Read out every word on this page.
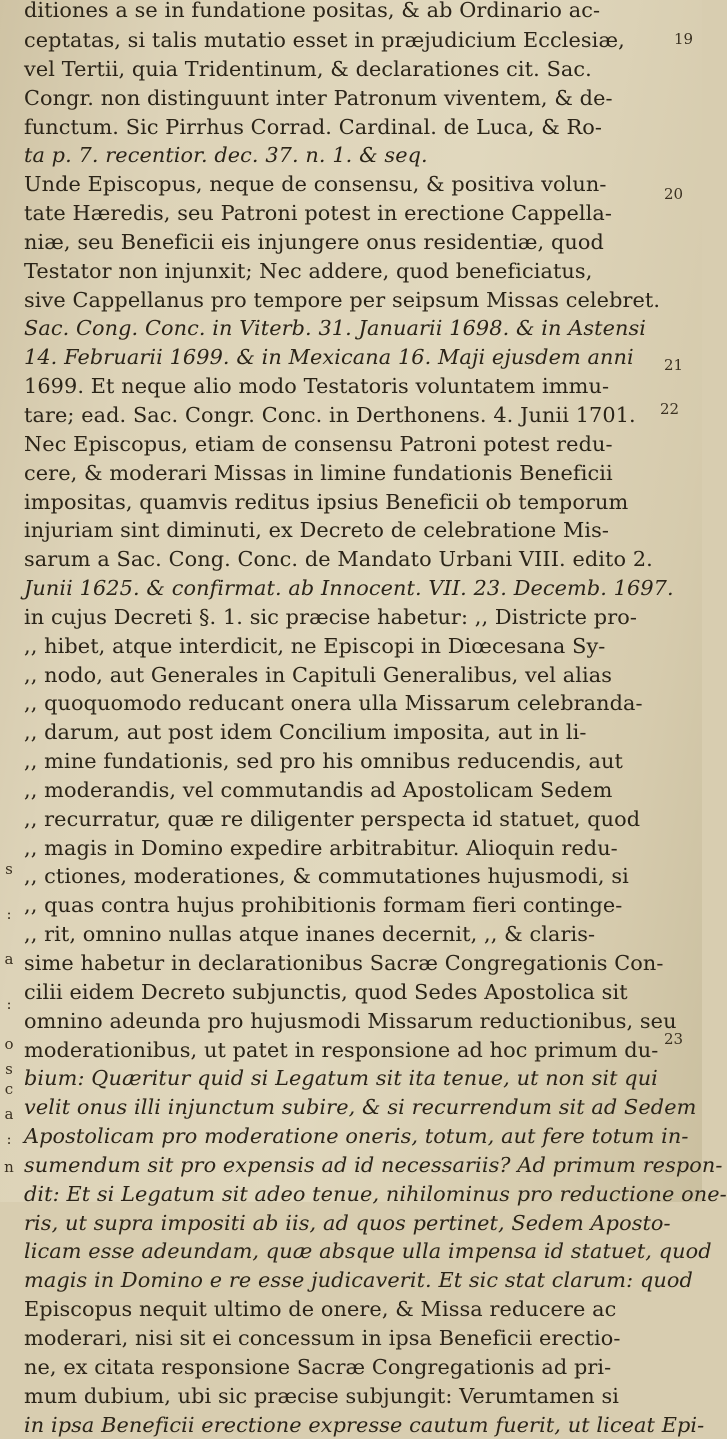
ditiones a se in fundatione positas, & ab Ordinario ac-
ceptatas, si talis mutatio esset in præjudicium Ecclesiæ,
vel Tertii, quia Tridentinum, & declarationes cit. Sac.
Congr. non distinguunt inter Patronum viventem, & de-
functum. Sic Pirrhus Corrad. Cardinal. de Luca, & Ro-
ta p. 7. recentior. dec. 37. n. 1. & seq.
Unde Episcopus, neque de consensu, & positiva volun-
tate Hæredis, seu Patroni potest in erectione Cappella-
niæ, seu Beneficii eis injungere onus residentiæ, quod
Testator non injunxit; Nec addere, quod beneficiatus,
sive Cappellanus pro tempore per seipsum Missas celebret.
Sac. Cong. Conc. in Viterb. 31. Januarii 1698. & in Astensi
14. Februarii 1699. & in Mexicana 16. Maji ejusdem anni
1699. Et neque alio modo Testatoris voluntatem immu-
tare; ead. Sac. Congr. Conc. in Derthonens. 4. Junii 1701.
Nec Episcopus, etiam de consensu Patroni potest redu-
cere, & moderari Missas in limine fundationis Beneficii
impositas, quamvis reditus ipsius Beneficii ob temporum
injuriam sint diminuti, ex Decreto de celebratione Mis-
sarum a Sac. Cong. Conc. de Mandato Urbani VIII. edito 2.
Junii 1625. & confirmat. ab Innocent. VII. 23. Decemb. 1697.
in cujus Decreti §. 1. sic præcise habetur: ,, Districte pro-
,, hibet, atque interdicit, ne Episcopi in Diœcesana Sy-
,, nodo, aut Generales in Capituli Generalibus, vel alias
,, quoquomodo reducant onera ulla Missarum celebranda-
,, darum, aut post idem Concilium imposita, aut in li-
,, mine fundationis, sed pro his omnibus reducendis, aut
,, moderandis, vel commutandis ad Apostolicam Sedem
,, recurratur, quæ re diligenter perspecta id statuet, quod
,, magis in Domino expedire arbitrabitur. Alioquin redu-
,, ctiones, moderationes, & commutationes hujusmodi, si
,, quas contra hujus prohibitionis formam fieri continge-
,, rit, omnino nullas atque inanes decernit, ,, & claris-
sime habetur in declarationibus Sacræ Congregationis Con-
cilii eidem Decreto subjunctis, quod Sedes Apostolica sit
omnino adeunda pro hujusmodi Missarum reductionibus, seu
moderationibus, ut patet in responsione ad hoc primum du-
bium: Quæritur quid si Legatum sit ita tenue, ut non sit qui
velit onus illi injunctum subire, & si recurrendum sit ad Sedem
Apostolicam pro moderatione oneris, totum, aut fere totum in-
sumendum sit pro expensis ad id necessariis? Ad primum respon-
dit: Et si Legatum sit adeo tenue, nihilominus pro reductione one-
ris, ut supra impositi ab iis, ad quos pertinet, Sedem Aposto-
licam esse adeundam, quæ absque ulla impensa id statuet, quod
magis in Domino e re esse judicaverit. Et sic stat clarum: quod
Episcopus nequit ultimo de onere, & Missa reducere ac
moderari, nisi sit ei concessum in ipsa Beneficii erectio-
ne, ex citata responsione Sacræ Congregationis ad pri-
mum dubium, ubi sic præcise subjungit: Verumtamen si
in ipsa Beneficii erectione expresse cautum fuerit, ut liceat Epi-
19
20
21
22
23
s
:
a
:
o
s
c
a
:
n
